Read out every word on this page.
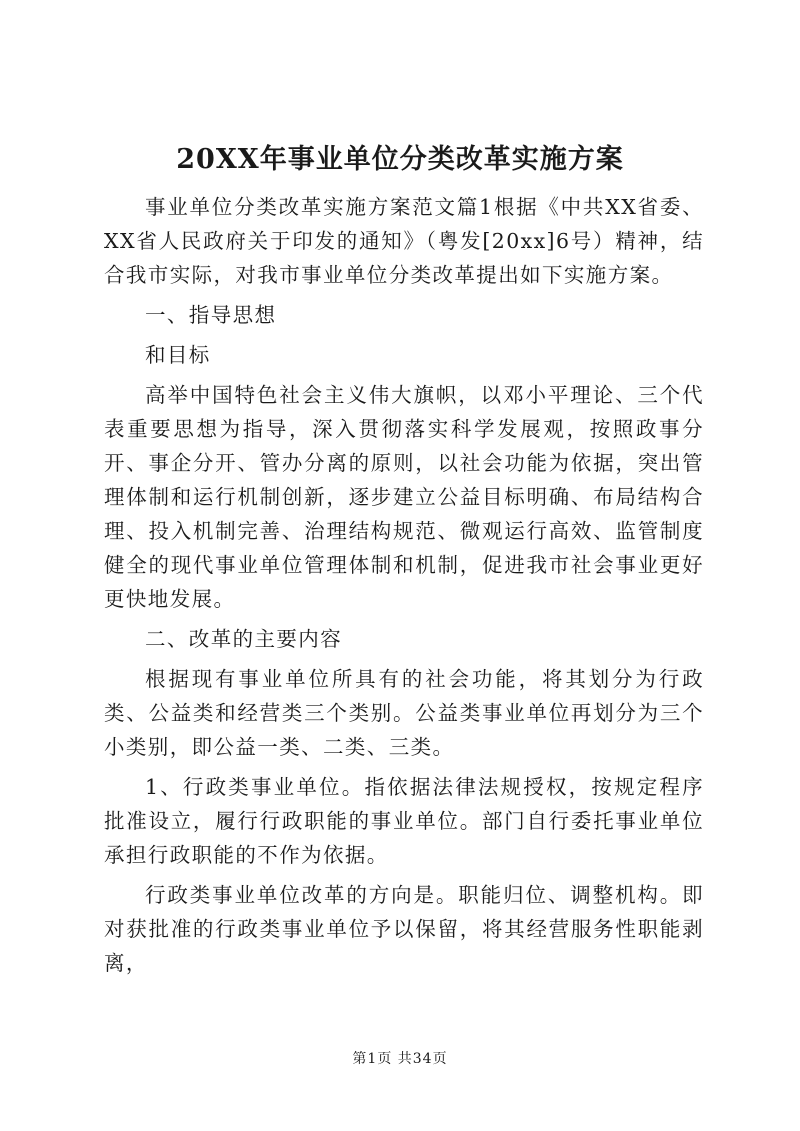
20XX年事业单位分类改革实施方案

事业单位分类改革实施方案范文篇1根据《中共XX省委、XX省人民政府关于印发的通知》（粤发[20xx]6号）精神，结合我市实际，对我市事业单位分类改革提出如下实施方案。

一、指导思想

和目标

高举中国特色社会主义伟大旗帜，以邓小平理论、三个代表重要思想为指导，深入贯彻落实科学发展观，按照政事分开、事企分开、管办分离的原则，以社会功能为依据，突出管理体制和运行机制创新，逐步建立公益目标明确、布局结构合理、投入机制完善、治理结构规范、微观运行高效、监管制度健全的现代事业单位管理体制和机制，促进我市社会事业更好更快地发展。

二、改革的主要内容

根据现有事业单位所具有的社会功能，将其划分为行政类、公益类和经营类三个类别。公益类事业单位再划分为三个小类别，即公益一类、二类、三类。

1、行政类事业单位。指依据法律法规授权，按规定程序批准设立，履行行政职能的事业单位。部门自行委托事业单位承担行政职能的不作为依据。

行政类事业单位改革的方向是。职能归位、调整机构。即对获批准的行政类事业单位予以保留，将其经营服务性职能剥离，

第1页 共34页
